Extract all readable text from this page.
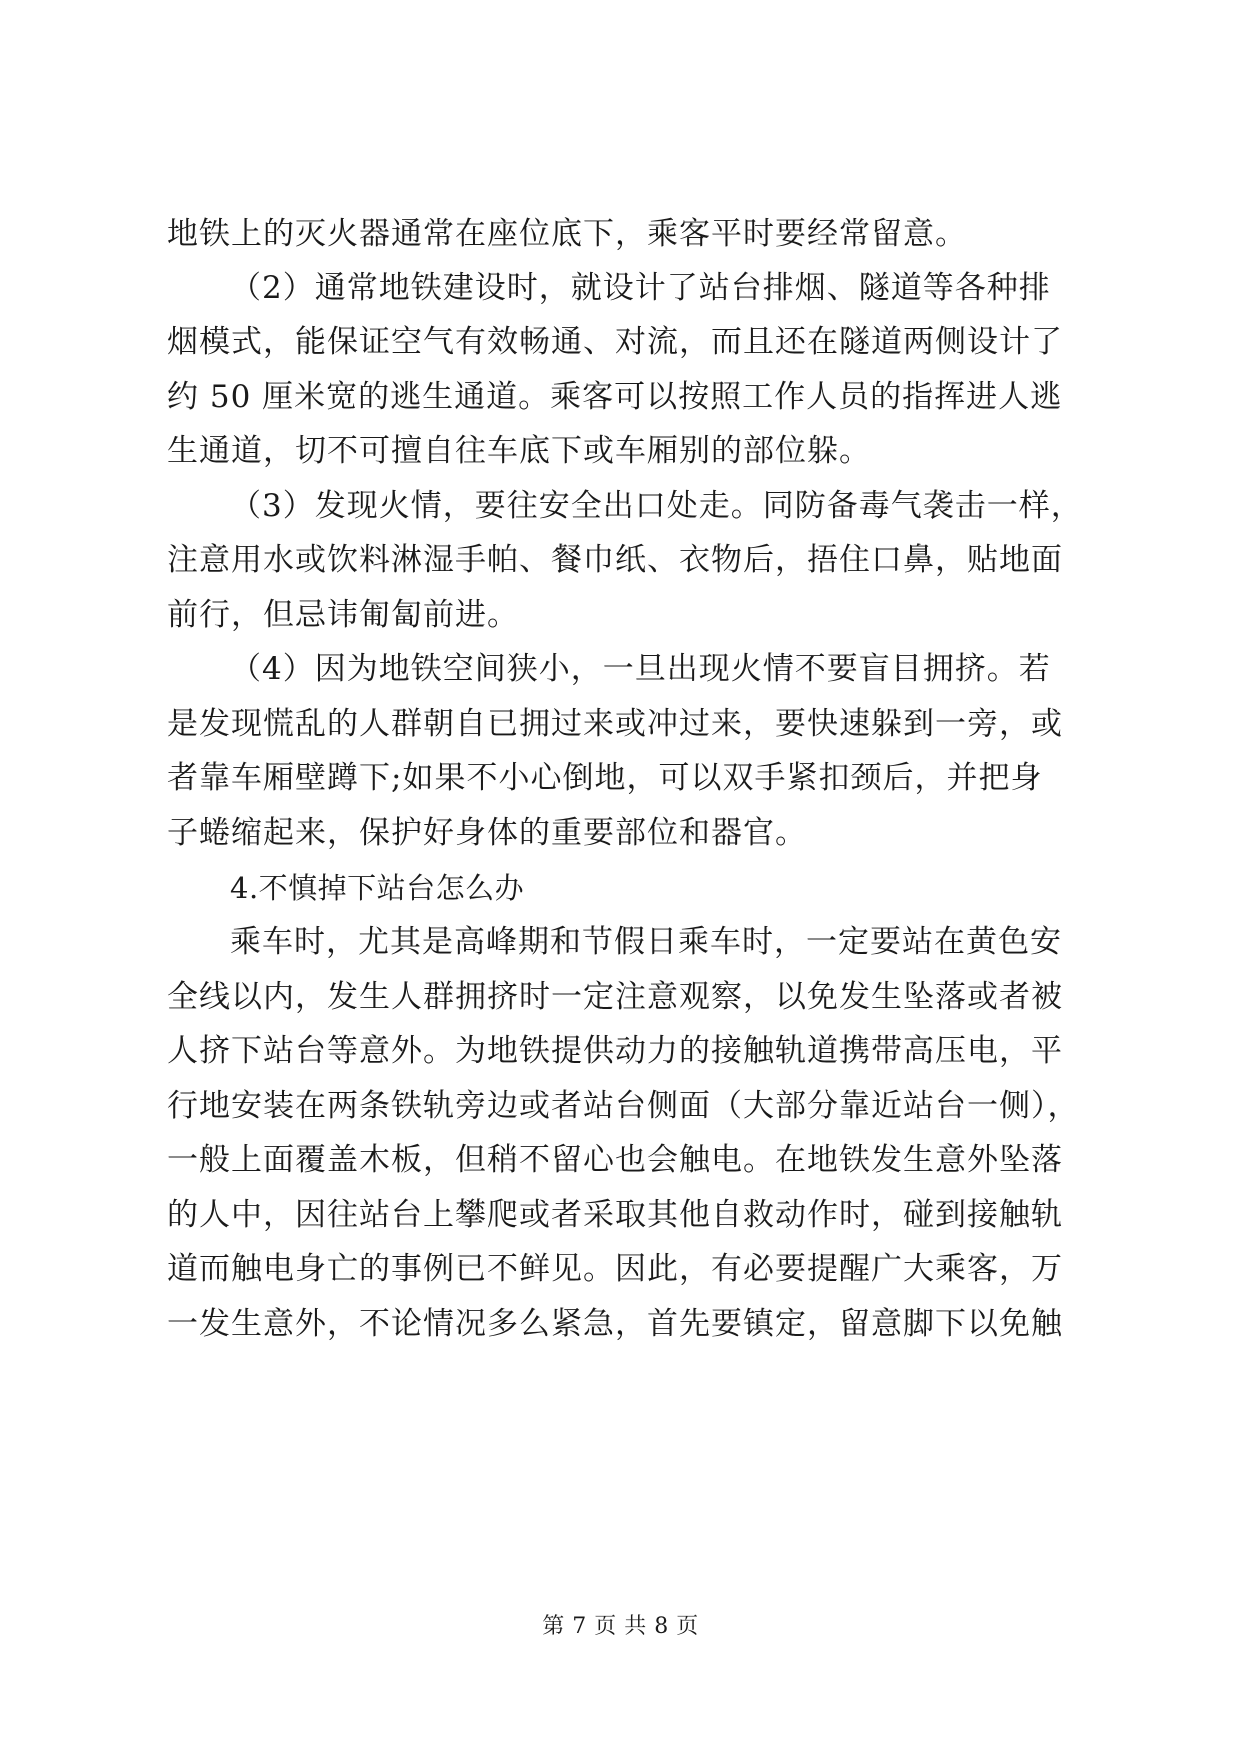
地铁上的灭火器通常在座位底下，乘客平时要经常留意。
（2）通常地铁建设时，就设计了站台排烟、隧道等各种排
烟模式，能保证空气有效畅通、对流，而且还在隧道两侧设计了
约 50 厘米宽的逃生通道。乘客可以按照工作人员的指挥进人逃
生通道，切不可擅自往车底下或车厢别的部位躲。
（3）发现火情，要往安全出口处走。同防备毒气袭击一样，
注意用水或饮料淋湿手帕、餐巾纸、衣物后，捂住口鼻，贴地面
前行，但忌讳匍匐前进。
（4）因为地铁空间狭小，一旦出现火情不要盲目拥挤。若
是发现慌乱的人群朝自已拥过来或冲过来，要快速躲到一旁，或
者靠车厢壁蹲下;如果不小心倒地，可以双手紧扣颈后，并把身
子蜷缩起来，保护好身体的重要部位和器官。
4.不慎掉下站台怎么办
乘车时，尤其是高峰期和节假日乘车时，一定要站在黄色安
全线以内，发生人群拥挤时一定注意观察，以免发生坠落或者被
人挤下站台等意外。为地铁提供动力的接触轨道携带高压电，平
行地安装在两条铁轨旁边或者站台侧面（大部分靠近站台一侧），
一般上面覆盖木板，但稍不留心也会触电。在地铁发生意外坠落
的人中，因往站台上攀爬或者采取其他自救动作时，碰到接触轨
道而触电身亡的事例已不鲜见。因此，有必要提醒广大乘客，万
一发生意外，不论情况多么紧急，首先要镇定，留意脚下以免触
第 7 页 共 8 页
